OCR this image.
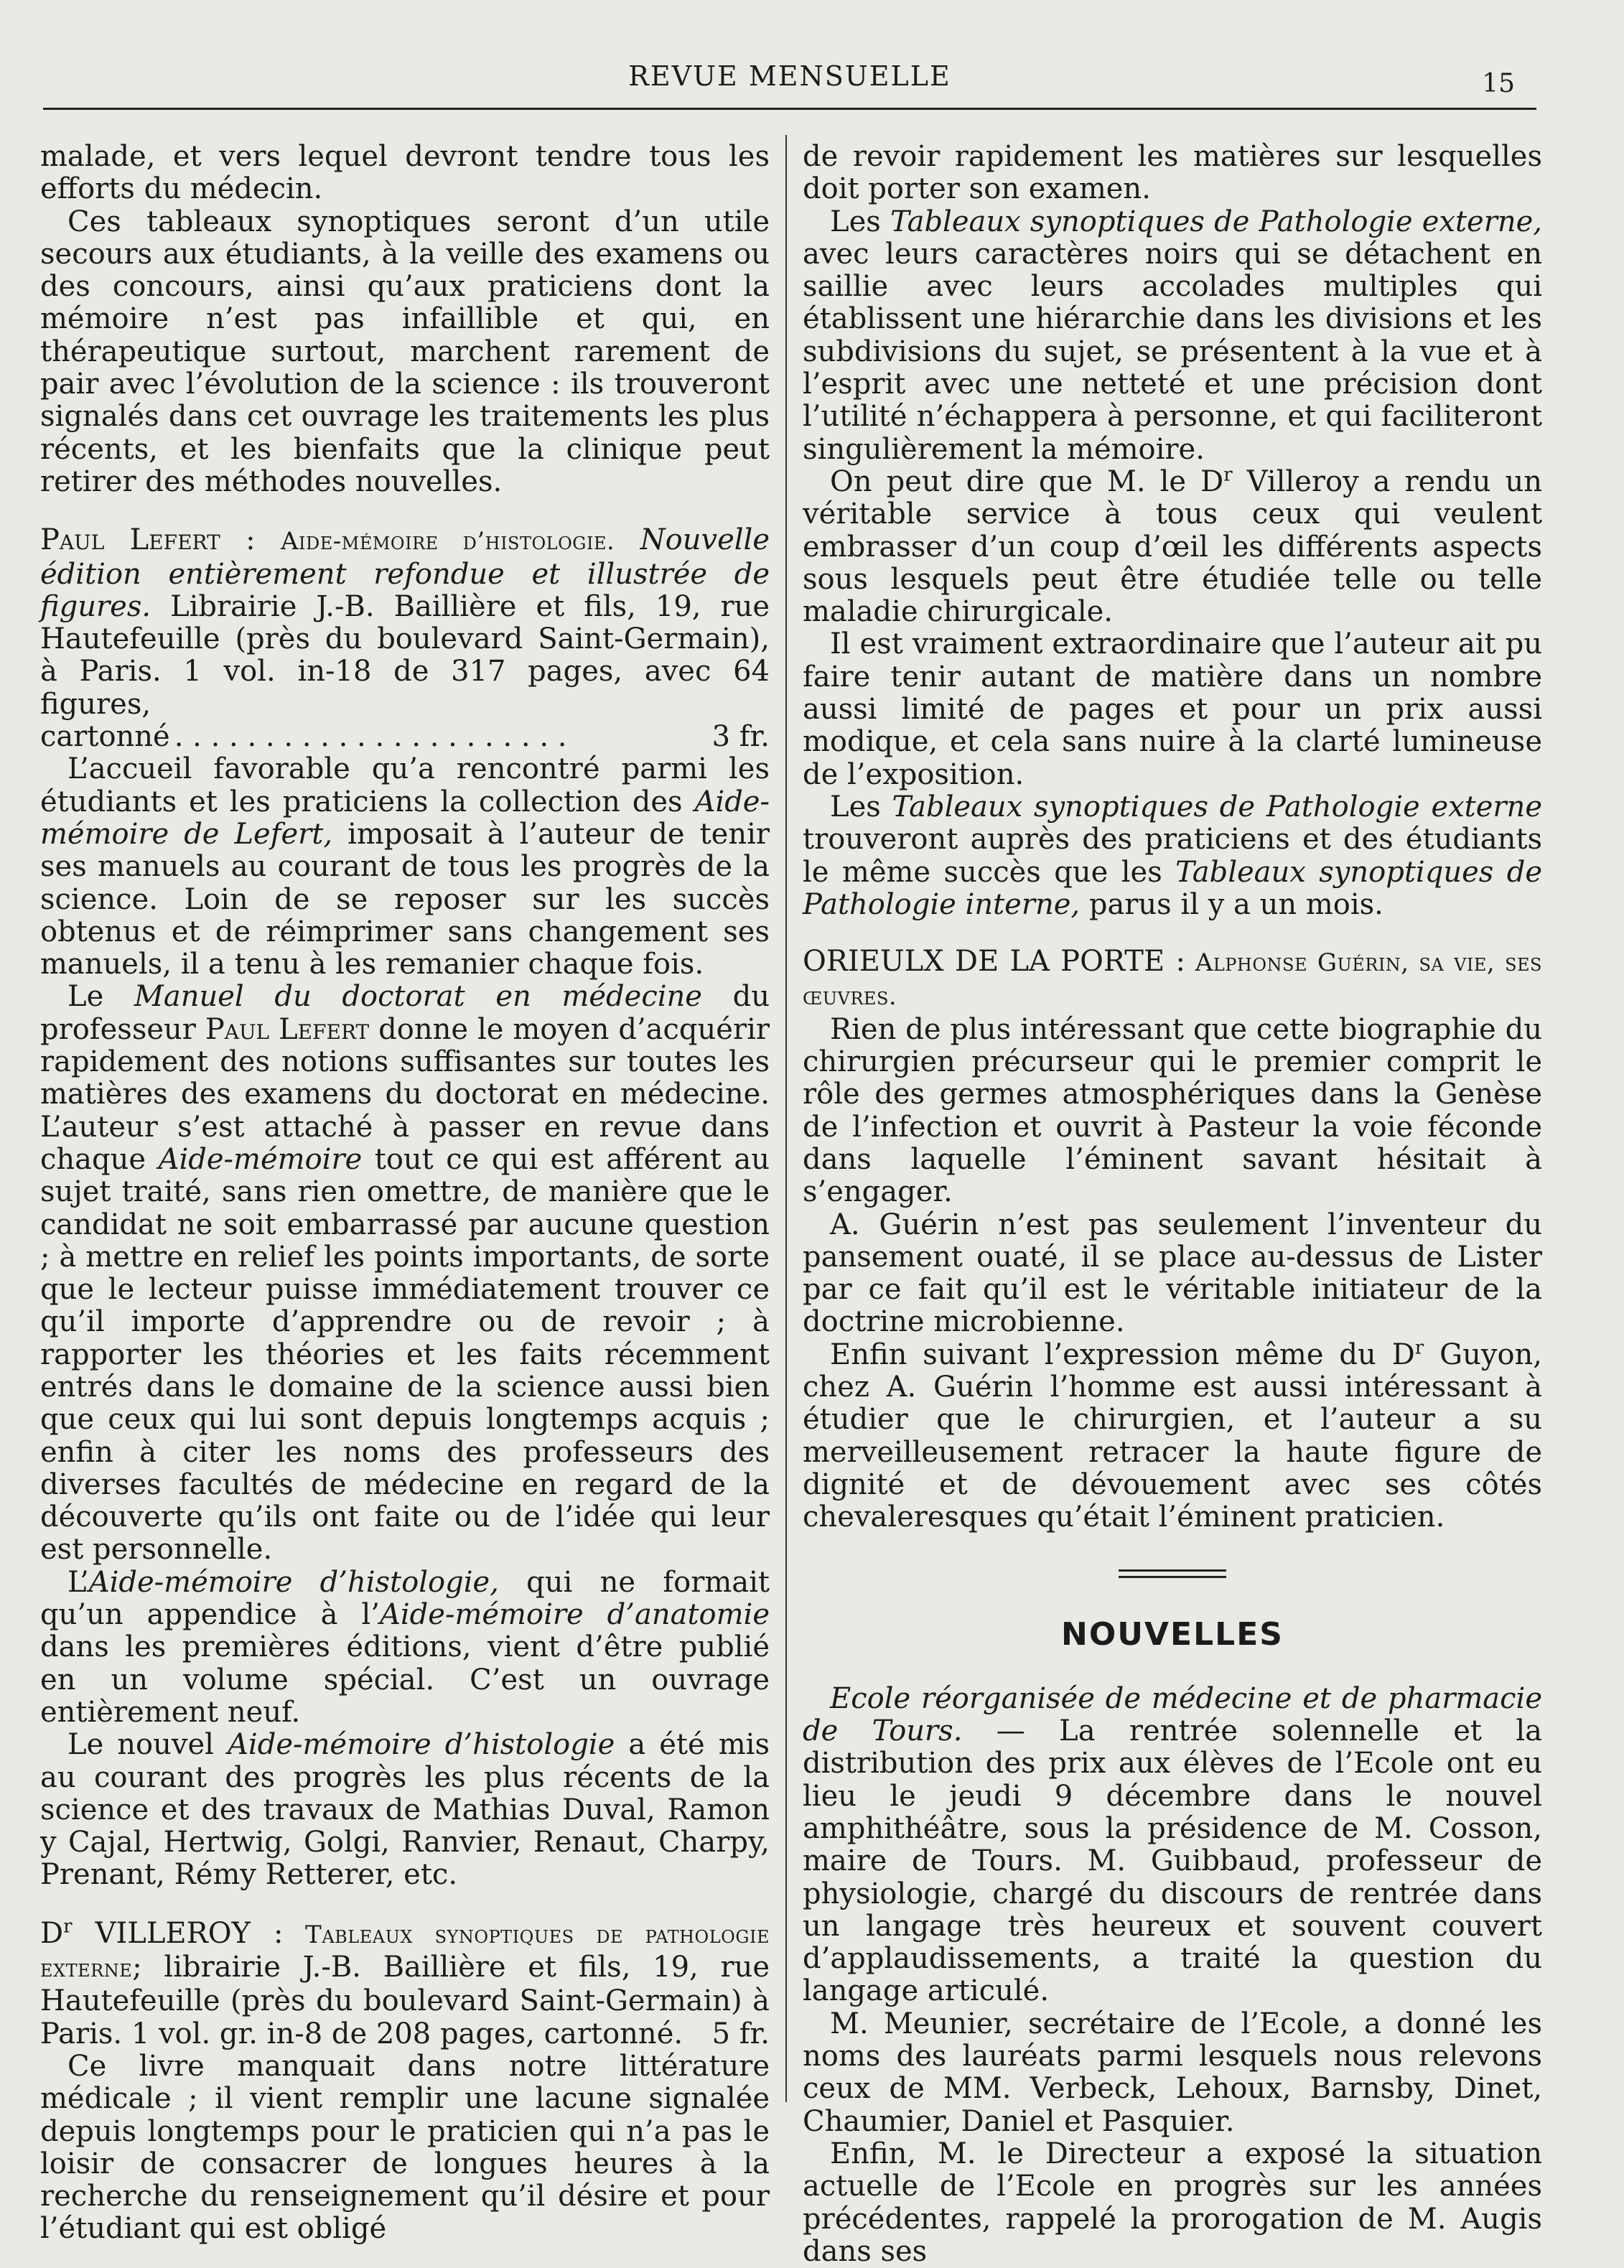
REVUE MENSUELLE	15

malade, et vers lequel devront tendre tous les efforts du médecin.

Ces tableaux synoptiques seront d’un utile secours aux étudiants, à la veille des examens ou des concours, ainsi qu’aux praticiens dont la mémoire n’est pas infaillible et qui, en thérapeutique surtout, marchent rarement de pair avec l’évolution de la science : ils trouveront signalés dans cet ouvrage les traitements les plus récents, et les bienfaits que la clinique peut retirer des méthodes nouvelles.

Paul Lefert : Aide-mémoire d’histologie. Nouvelle édition entièrement refondue et illustrée de figures. Librairie J.-B. Baillière et fils, 19, rue Hautefeuille (près du boulevard Saint-Germain), à Paris. 1 vol. in-18 de 317 pages, avec 64 figures,

cartonné . . . . . . . . . . . . . . . . . . . . . .	3 fr.

L’accueil favorable qu’a rencontré parmi les étudiants et les praticiens la collection des Aide-mémoire de Lefert, imposait à l’auteur de tenir ses manuels au courant de tous les progrès de la science. Loin de se reposer sur les succès obtenus et de réimprimer sans changement ses manuels, il a tenu à les remanier chaque fois.

Le Manuel du doctorat en médecine du professeur Paul Lefert donne le moyen d’acquérir rapidement des notions suffisantes sur toutes les matières des examens du doctorat en médecine. L’auteur s’est attaché à passer en revue dans chaque Aide-mémoire tout ce qui est afférent au sujet traité, sans rien omettre, de manière que le candidat ne soit embarrassé par aucune question ; à mettre en relief les points importants, de sorte que le lecteur puisse immédiatement trouver ce qu’il importe d’apprendre ou de revoir ; à rapporter les théories et les faits récemment entrés dans le domaine de la science aussi bien que ceux qui lui sont depuis longtemps acquis ; enfin à citer les noms des professeurs des diverses facultés de médecine en regard de la découverte qu’ils ont faite ou de l’idée qui leur est personnelle.

L’Aide-mémoire d’histologie, qui ne formait qu’un appendice à l’Aide-mémoire d’anatomie dans les premières éditions, vient d’être publié en un volume spécial. C’est un ouvrage entièrement neuf.

Le nouvel Aide-mémoire d’histologie a été mis au courant des progrès les plus récents de la science et des travaux de Mathias Duval, Ramon y Cajal, Hertwig, Golgi, Ranvier, Renaut, Charpy, Prenant, Rémy Retterer, etc.

$D^r$ VILLEROY : Tableaux synoptiques de pathologie externe; librairie J.-B. Baillière et fils, 19, rue Hautefeuille (près du boulevard Saint-Germain) à Paris. 1 vol. gr. in-8 de 208 pages, cartonné. 5 fr.

Ce livre manquait dans notre littérature médicale ; il vient remplir une lacune signalée depuis longtemps pour le praticien qui n’a pas le loisir de consacrer de longues heures à la recherche du renseignement qu’il désire et pour l’étudiant qui est obligé

de revoir rapidement les matières sur lesquelles doit porter son examen.

Les Tableaux synoptiques de Pathologie externe, avec leurs caractères noirs qui se détachent en saillie avec leurs accolades multiples qui établissent une hiérarchie dans les divisions et les subdivisions du sujet, se présentent à la vue et à l’esprit avec une netteté et une précision dont l’utilité n’échappera à personne, et qui faciliteront singulièrement la mémoire.

On peut dire que M. le $D^r$ Villeroy a rendu un véritable service à tous ceux qui veulent embrasser d’un coup d’œil les différents aspects sous lesquels peut être étudiée telle ou telle maladie chirurgicale.

Il est vraiment extraordinaire que l’auteur ait pu faire tenir autant de matière dans un nombre aussi limité de pages et pour un prix aussi modique, et cela sans nuire à la clarté lumineuse de l’exposition.

Les Tableaux synoptiques de Pathologie externe trouveront auprès des praticiens et des étudiants le même succès que les Tableaux synoptiques de Pathologie interne, parus il y a un mois.

ORIEULX DE LA PORTE : Alphonse Guérin, sa vie, ses œuvres.

Rien de plus intéressant que cette biographie du chirurgien précurseur qui le premier comprit le rôle des germes atmosphériques dans la Genèse de l’infection et ouvrit à Pasteur la voie féconde dans laquelle l’éminent savant hésitait à s’engager.

A. Guérin n’est pas seulement l’inventeur du pansement ouaté, il se place au-dessus de Lister par ce fait qu’il est le véritable initiateur de la doctrine microbienne.

Enfin suivant l’expression même du $D^r$ Guyon, chez A. Guérin l’homme est aussi intéressant à étudier que le chirurgien, et l’auteur a su merveilleusement retracer la haute figure de dignité et de dévouement avec ses côtés chevaleresques qu’était l’éminent praticien.

NOUVELLES

Ecole réorganisée de médecine et de pharmacie de Tours. — La rentrée solennelle et la distribution des prix aux élèves de l’Ecole ont eu lieu le jeudi 9 décembre dans le nouvel amphithéâtre, sous la présidence de M. Cosson, maire de Tours. M. Guibbaud, professeur de physiologie, chargé du discours de rentrée dans un langage très heureux et souvent couvert d’applaudissements, a traité la question du langage articulé.

M. Meunier, secrétaire de l’Ecole, a donné les noms des lauréats parmi lesquels nous relevons ceux de MM. Verbeck, Lehoux, Barnsby, Dinet, Chaumier, Daniel et Pasquier.

Enfin, M. le Directeur a exposé la situation actuelle de l’Ecole en progrès sur les années précédentes, rappelé la prorogation de M. Augis dans ses
